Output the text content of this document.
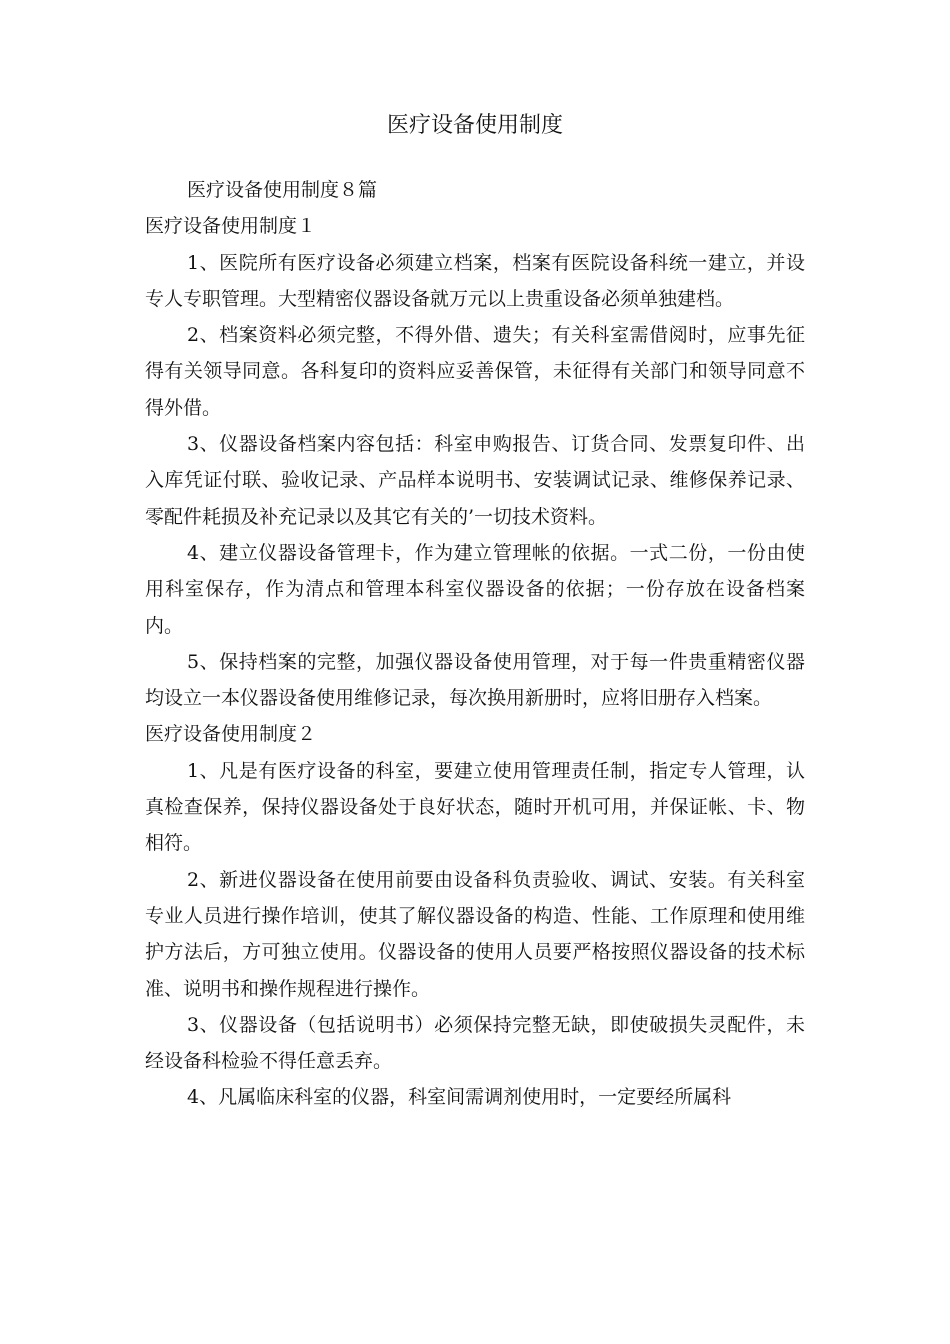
医疗设备使用制度

医疗设备使用制度８篇

医疗设备使用制度１

1、医院所有医疗设备必须建立档案，档案有医院设备科统一建立，并设专人专职管理。大型精密仪器设备就万元以上贵重设备必须单独建档。

2、档案资料必须完整，不得外借、遗失；有关科室需借阅时，应事先征得有关领导同意。各科复印的资料应妥善保管，未征得有关部门和领导同意不得外借。

3、仪器设备档案内容包括：科室申购报告、订货合同、发票复印件、出入库凭证付联、验收记录、产品样本说明书、安装调试记录、维修保养记录、零配件耗损及补充记录以及其它有关的’一切技术资料。

4、建立仪器设备管理卡，作为建立管理帐的依据。一式二份，一份由使用科室保存，作为清点和管理本科室仪器设备的依据；一份存放在设备档案内。

5、保持档案的完整，加强仪器设备使用管理，对于每一件贵重精密仪器均设立一本仪器设备使用维修记录，每次换用新册时，应将旧册存入档案。

医疗设备使用制度２

1、凡是有医疗设备的科室，要建立使用管理责任制，指定专人管理，认真检查保养，保持仪器设备处于良好状态，随时开机可用，并保证帐、卡、物相符。

2、新进仪器设备在使用前要由设备科负责验收、调试、安装。有关科室专业人员进行操作培训，使其了解仪器设备的构造、性能、工作原理和使用维护方法后，方可独立使用。仪器设备的使用人员要严格按照仪器设备的技术标准、说明书和操作规程进行操作。

3、仪器设备（包括说明书）必须保持完整无缺，即使破损失灵配件，未经设备科检验不得任意丢弃。

4、凡属临床科室的仪器，科室间需调剂使用时，一定要经所属科
